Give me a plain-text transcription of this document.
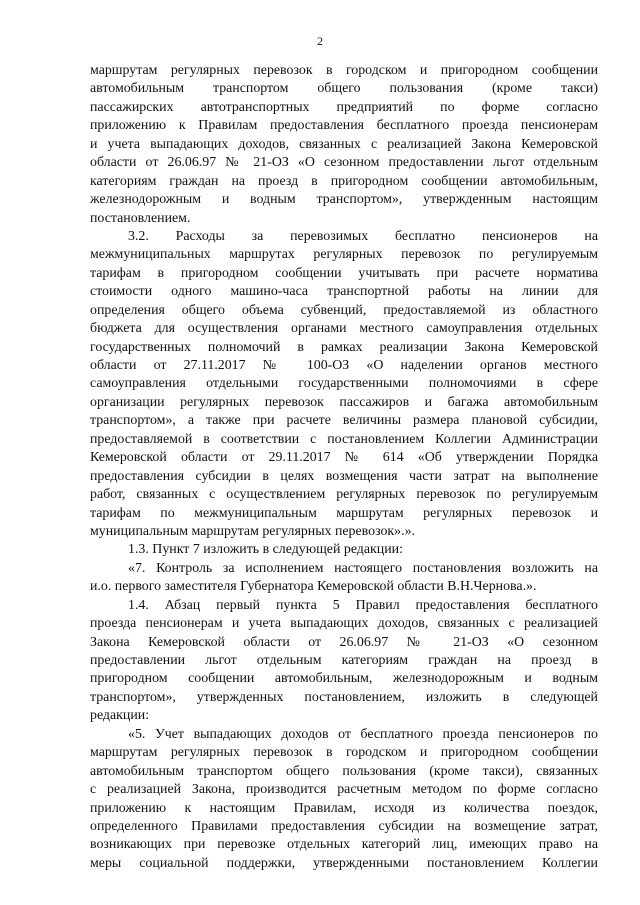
2
маршрутам регулярных перевозок в городском и пригородном сообщении
автомобильным транспортом общего пользования (кроме такси)
пассажирских автотранспортных предприятий по форме согласно
приложению к Правилам предоставления бесплатного проезда пенсионерам
и учета выпадающих доходов, связанных с реализацией Закона Кемеровской
области от 26.06.97 № 21-ОЗ «О сезонном предоставлении льгот отдельным
категориям граждан на проезд в пригородном сообщении автомобильным,
железнодорожным и водным транспортом», утвержденным настоящим
постановлением.
3.2. Расходы за перевозимых бесплатно пенсионеров на
межмуниципальных маршрутах регулярных перевозок по регулируемым
тарифам в пригородном сообщении учитывать при расчете норматива
стоимости одного машино-часа транспортной работы на линии для
определения общего объема субвенций, предоставляемой из областного
бюджета для осуществления органами местного самоуправления отдельных
государственных полномочий в рамках реализации Закона Кемеровской
области от 27.11.2017 № 100-ОЗ «О наделении органов местного
самоуправления отдельными государственными полномочиями в сфере
организации регулярных перевозок пассажиров и багажа автомобильным
транспортом», а также при расчете величины размера плановой субсидии,
предоставляемой в соответствии с постановлением Коллегии Администрации
Кемеровской области от 29.11.2017 № 614 «Об утверждении Порядка
предоставления субсидии в целях возмещения части затрат на выполнение
работ, связанных с осуществлением регулярных перевозок по регулируемым
тарифам по межмуниципальным маршрутам регулярных перевозок и
муниципальным маршрутам регулярных перевозок».».
1.3. Пункт 7 изложить в следующей редакции:
«7. Контроль за исполнением настоящего постановления возложить на
и.о. первого заместителя Губернатора Кемеровской области В.Н.Чернова.».
1.4. Абзац первый пункта 5 Правил предоставления бесплатного
проезда пенсионерам и учета выпадающих доходов, связанных с реализацией
Закона Кемеровской области от 26.06.97 № 21-ОЗ «О сезонном
предоставлении льгот отдельным категориям граждан на проезд в
пригородном сообщении автомобильным, железнодорожным и водным
транспортом», утвержденных постановлением, изложить в следующей
редакции:
«5. Учет выпадающих доходов от бесплатного проезда пенсионеров по
маршрутам регулярных перевозок в городском и пригородном сообщении
автомобильным транспортом общего пользования (кроме такси), связанных
с реализацией Закона, производится расчетным методом по форме согласно
приложению к настоящим Правилам, исходя из количества поездок,
определенного Правилами предоставления субсидии на возмещение затрат,
возникающих при перевозке отдельных категорий лиц, имеющих право на
меры социальной поддержки, утвержденными постановлением Коллегии
